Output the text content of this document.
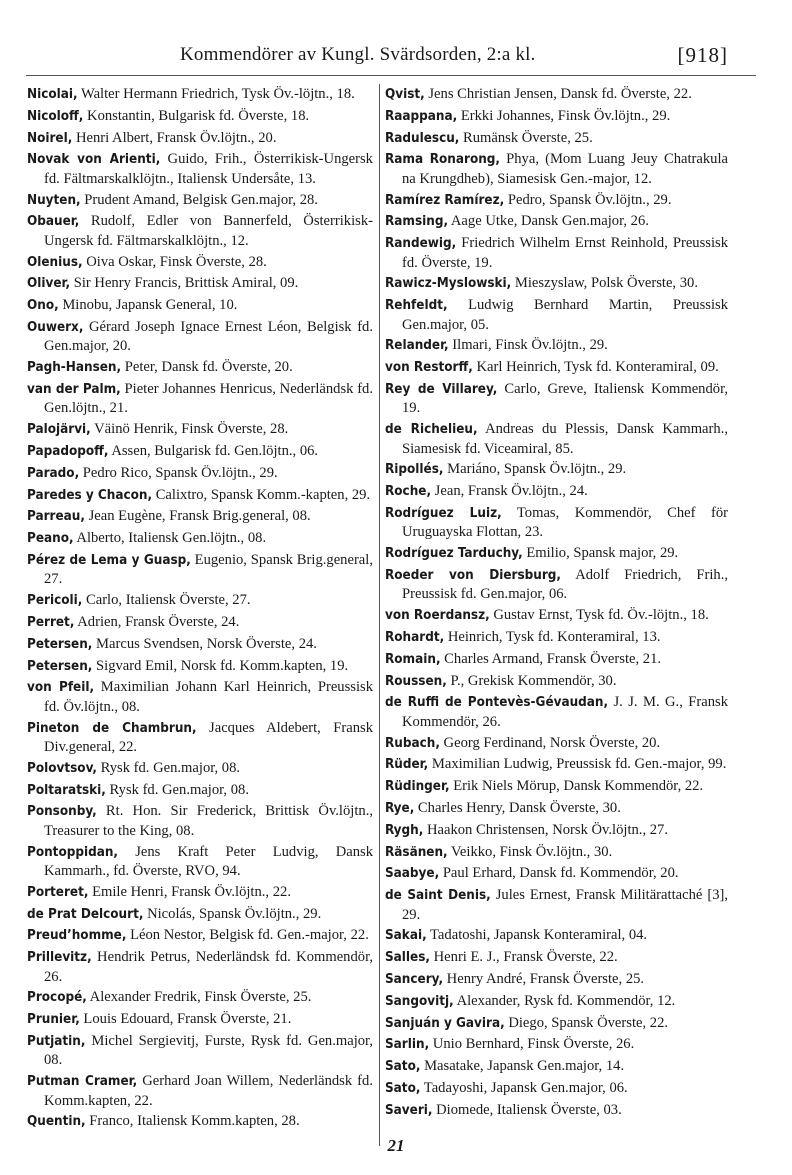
Kommendörer av Kungl. Svärdsorden, 2:a kl.	[918]
Nicolai, Walter Hermann Friedrich, Tysk Öv.-löjtn., 18.
Nicoloff, Konstantin, Bulgarisk fd. Överste, 18.
Noirel, Henri Albert, Fransk Öv.löjtn., 20.
Novak von Arienti, Guido, Frih., Österrikisk-Ungersk fd. Fältmarskalklöjtn., Italiensk Undersåte, 13.
Nuyten, Prudent Amand, Belgisk Gen.major, 28.
Obauer, Rudolf, Edler von Bannerfeld, Österrikisk-Ungersk fd. Fältmarskalklöjtn., 12.
Olenius, Oiva Oskar, Finsk Överste, 28.
Oliver, Sir Henry Francis, Brittisk Amiral, 09.
Ono, Minobu, Japansk General, 10.
Ouwerx, Gérard Joseph Ignace Ernest Léon, Belgisk fd. Gen.major, 20.
Pagh-Hansen, Peter, Dansk fd. Överste, 20.
van der Palm, Pieter Johannes Henricus, Nederländsk fd. Gen.löjtn., 21.
Palojärvi, Väinö Henrik, Finsk Överste, 28.
Papadopoff, Assen, Bulgarisk fd. Gen.löjtn., 06.
Parado, Pedro Rico, Spansk Öv.löjtn., 29.
Paredes y Chacon, Calixtro, Spansk Komm.-kapten, 29.
Parreau, Jean Eugène, Fransk Brig.general, 08.
Peano, Alberto, Italiensk Gen.löjtn., 08.
Pérez de Lema y Guasp, Eugenio, Spansk Brig.general, 27.
Pericoli, Carlo, Italiensk Överste, 27.
Perret, Adrien, Fransk Överste, 24.
Petersen, Marcus Svendsen, Norsk Överste, 24.
Petersen, Sigvard Emil, Norsk fd. Komm.kapten, 19.
von Pfeil, Maximilian Johann Karl Heinrich, Preussisk fd. Öv.löjtn., 08.
Pineton de Chambrun, Jacques Aldebert, Fransk Div.general, 22.
Polovtsov, Rysk fd. Gen.major, 08.
Poltaratski, Rysk fd. Gen.major, 08.
Ponsonby, Rt. Hon. Sir Frederick, Brittisk Öv.löjtn., Treasurer to the King, 08.
Pontoppidan, Jens Kraft Peter Ludvig, Dansk Kammarh., fd. Överste, RVO, 94.
Porteret, Emile Henri, Fransk Öv.löjtn., 22.
de Prat Delcourt, Nicolás, Spansk Öv.löjtn., 29.
Preud’homme, Léon Nestor, Belgisk fd. Gen.-major, 22.
Prillevitz, Hendrik Petrus, Nederländsk fd. Kommendör, 26.
Procopé, Alexander Fredrik, Finsk Överste, 25.
Prunier, Louis Edouard, Fransk Överste, 21.
Putjatin, Michel Sergievitj, Furste, Rysk fd. Gen.major, 08.
Putman Cramer, Gerhard Joan Willem, Nederländsk fd. Komm.kapten, 22.
Quentin, Franco, Italiensk Komm.kapten, 28.
Qvist, Jens Christian Jensen, Dansk fd. Överste, 22.
Raappana, Erkki Johannes, Finsk Öv.löjtn., 29.
Radulescu, Rumänsk Överste, 25.
Rama Ronarong, Phya, (Mom Luang Jeuy Chatrakula na Krungdheb), Siamesisk Gen.-major, 12.
Ramírez Ramírez, Pedro, Spansk Öv.löjtn., 29.
Ramsing, Aage Utke, Dansk Gen.major, 26.
Randewig, Friedrich Wilhelm Ernst Reinhold, Preussisk fd. Överste, 19.
Rawicz-Myslowski, Mieszyslaw, Polsk Överste, 30.
Rehfeldt, Ludwig Bernhard Martin, Preussisk Gen.major, 05.
Relander, Ilmari, Finsk Öv.löjtn., 29.
von Restorff, Karl Heinrich, Tysk fd. Konteramiral, 09.
Rey de Villarey, Carlo, Greve, Italiensk Kommendör, 19.
de Richelieu, Andreas du Plessis, Dansk Kammarh., Siamesisk fd. Viceamiral, 85.
Ripollés, Mariáno, Spansk Öv.löjtn., 29.
Roche, Jean, Fransk Öv.löjtn., 24.
Rodríguez Luiz, Tomas, Kommendör, Chef för Uruguayska Flottan, 23.
Rodríguez Tarduchy, Emilio, Spansk major, 29.
Roeder von Diersburg, Adolf Friedrich, Frih., Preussisk fd. Gen.major, 06.
von Roerdansz, Gustav Ernst, Tysk fd. Öv.-löjtn., 18.
Rohardt, Heinrich, Tysk fd. Konteramiral, 13.
Romain, Charles Armand, Fransk Överste, 21.
Roussen, P., Grekisk Kommendör, 30.
de Ruffi de Pontevès-Gévaudan, J. J. M. G., Fransk Kommendör, 26.
Rubach, Georg Ferdinand, Norsk Överste, 20.
Rüder, Maximilian Ludwig, Preussisk fd. Gen.-major, 99.
Rüdinger, Erik Niels Mörup, Dansk Kommendör, 22.
Rye, Charles Henry, Dansk Överste, 30.
Rygh, Haakon Christensen, Norsk Öv.löjtn., 27.
Räsänen, Veikko, Finsk Öv.löjtn., 30.
Saabye, Paul Erhard, Dansk fd. Kommendör, 20.
de Saint Denis, Jules Ernest, Fransk Militärattaché [3], 29.
Sakai, Tadatoshi, Japansk Konteramiral, 04.
Salles, Henri E. J., Fransk Överste, 22.
Sancery, Henry André, Fransk Överste, 25.
Sangovitj, Alexander, Rysk fd. Kommendör, 12.
Sanjuán y Gavira, Diego, Spansk Överste, 22.
Sarlin, Unio Bernhard, Finsk Överste, 26.
Sato, Masatake, Japansk Gen.major, 14.
Sato, Tadayoshi, Japansk Gen.major, 06.
Saveri, Diomede, Italiensk Överste, 03.
21
